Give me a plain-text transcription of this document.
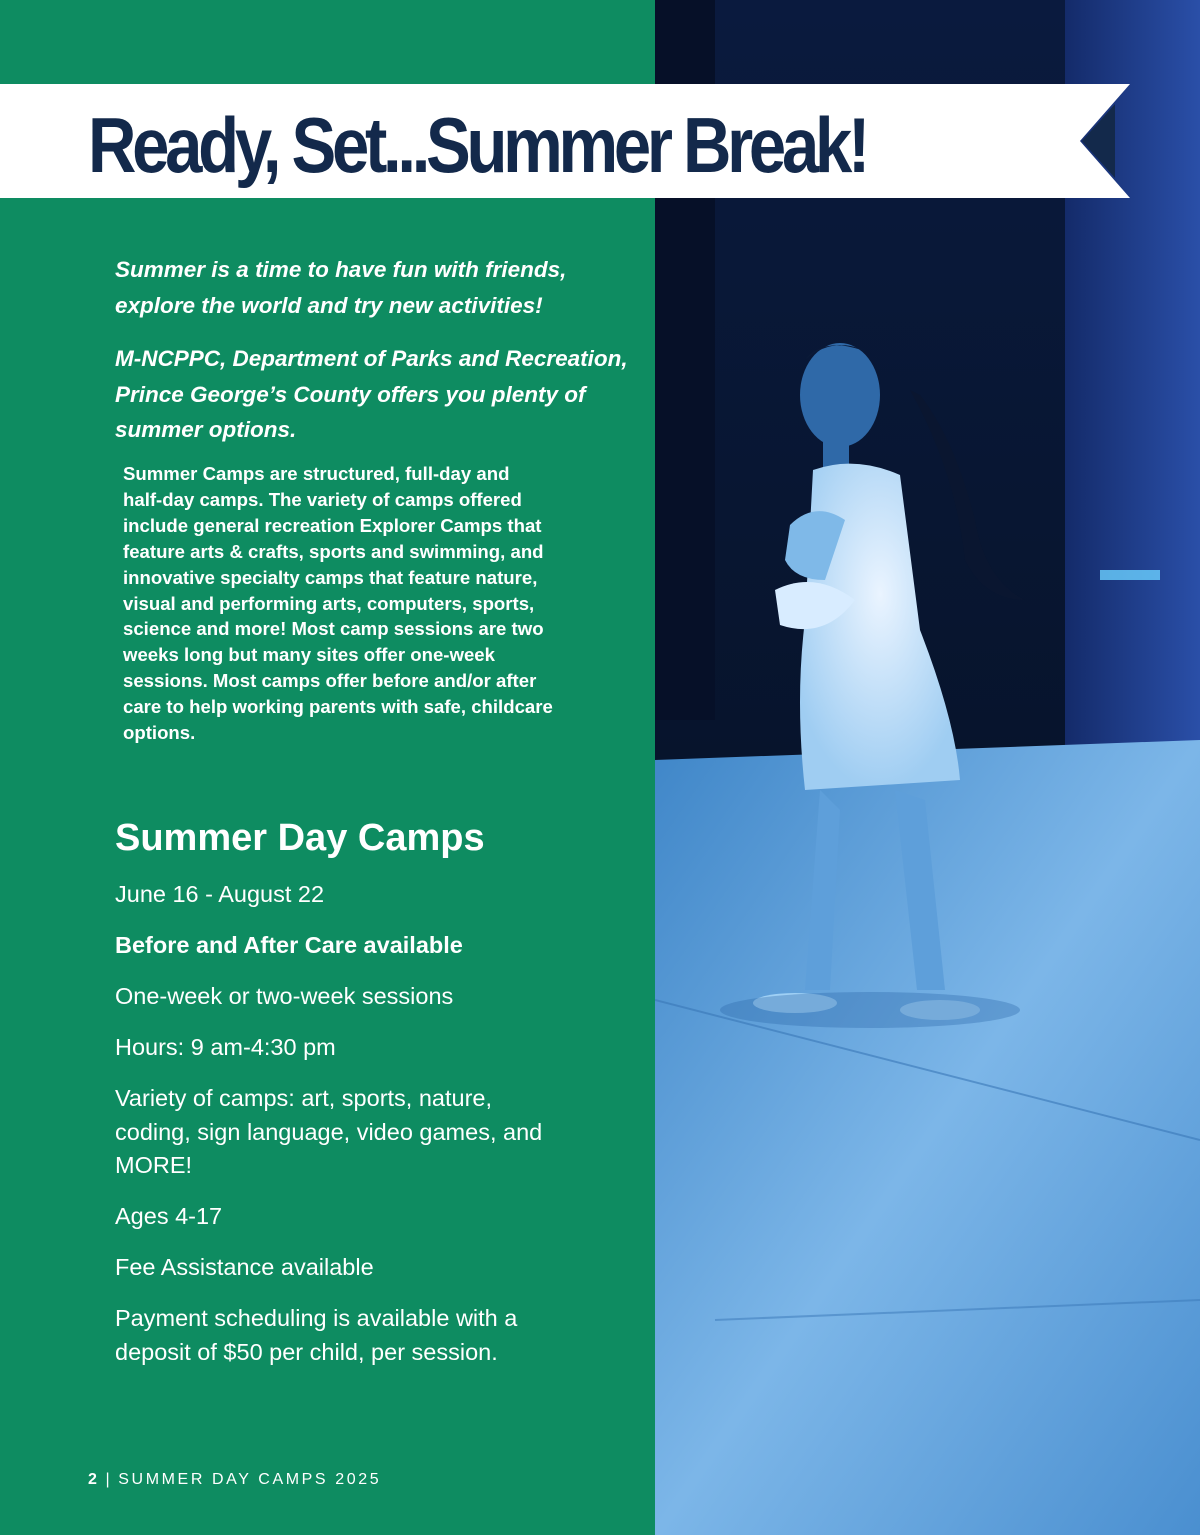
Ready, Set...Summer Break!

Summer is a time to have fun with friends, explore the world and try new activities!

M-NCPPC, Department of Parks and Recreation, Prince George’s County offers you plenty of summer options.

Summer Camps are structured, full-day and half-day camps. The variety of camps offered include general recreation Explorer Camps that feature arts & crafts, sports and swimming, and innovative specialty camps that feature nature, visual and performing arts, computers, sports, science and more! Most camp sessions are two weeks long but many sites offer one-week sessions. Most camps offer before and/or after care to help working parents with safe, childcare options.

Summer Day Camps
June 16 - August 22
Before and After Care available
One-week or two-week sessions
Hours: 9 am-4:30 pm
Variety of camps: art, sports, nature, coding, sign language, video games, and MORE!
Ages 4-17
Fee Assistance available
Payment scheduling is available with a deposit of $50 per child, per session.
2 | SUMMER DAY CAMPS 2025
